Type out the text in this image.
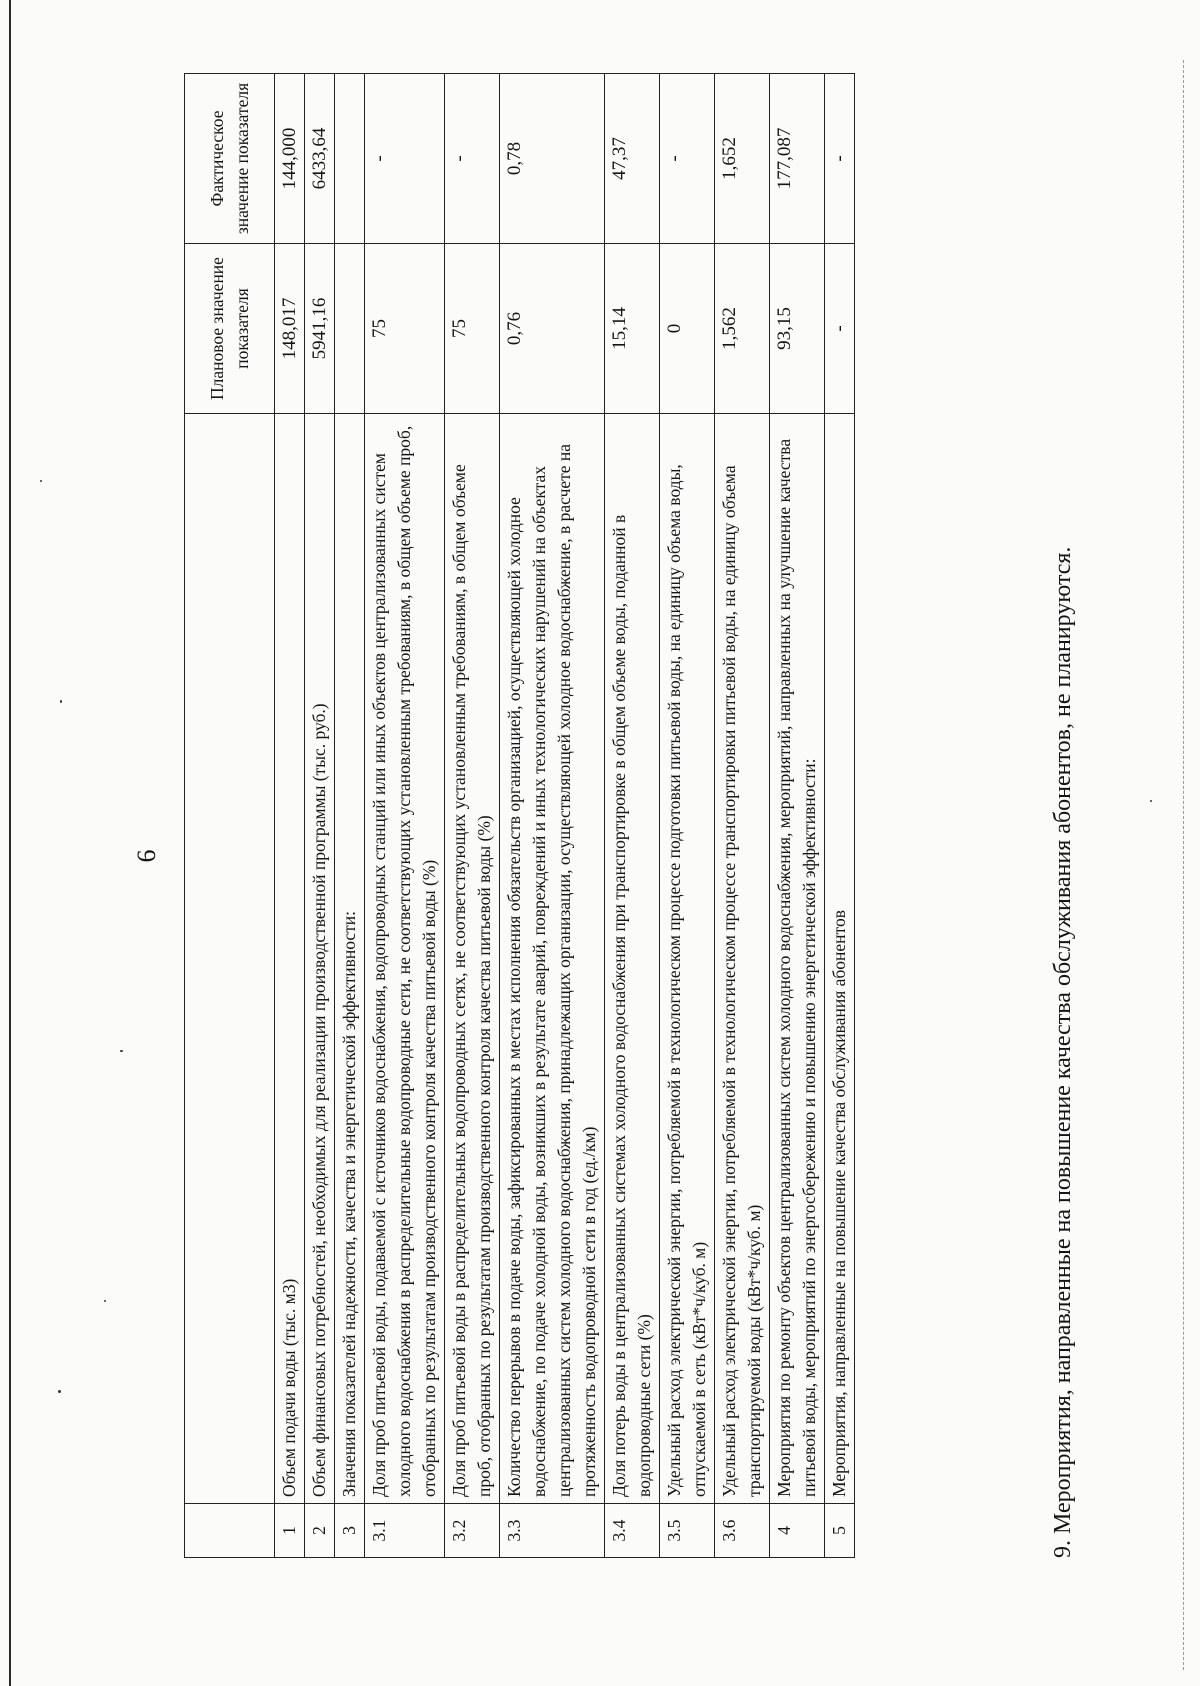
6
		Плановое значение показателя	Фактическое значение показателя
1	Объем подачи воды (тыс. м3)	148,017	144,000
2	Объем финансовых потребностей, необходимых для реализации производственной программы (тыс. руб.)	5941,16	6433,64
3	Значения показателей надежности, качества и энергетической эффективности:		
3.1	Доля проб питьевой воды, подаваемой с источников водоснабжения, водопроводных станций или иных объектов централизованных систем холодного водоснабжения в распределительные водопроводные сети, не соответствующих установленным требованиям, в общем объеме проб, отобранных по результатам производственного контроля качества питьевой воды (%)	75	-
3.2	Доля проб питьевой воды в распределительных водопроводных сетях, не соответствующих установленным требованиям, в общем объеме проб, отобранных по результатам производственного контроля качества питьевой воды (%)	75	-
3.3	Количество перерывов в подаче воды, зафиксированных в местах исполнения обязательств организацией, осуществляющей холодное водоснабжение, по подаче холодной воды, возникших в результате аварий, повреждений и иных технологических нарушений на объектах централизованных систем холодного водоснабжения, принадлежащих организации, осуществляющей холодное водоснабжение, в расчете на протяженность водопроводной сети в год (ед./км)	0,76	0,78
3.4	Доля потерь воды в централизованных системах холодного водоснабжения при транспортировке в общем объеме воды, поданной в водопроводные сети (%)	15,14	47,37
3.5	Удельный расход электрической энергии, потребляемой в технологическом процессе подготовки питьевой воды, на единицу объема воды, отпускаемой в сеть (кВт*ч/куб. м)	0	-
3.6	Удельный расход электрической энергии, потребляемой в технологическом процессе транспортировки питьевой воды, на единицу объема транспортируемой воды (кВт*ч/куб. м)	1,562	1,652
4	Мероприятия по ремонту объектов централизованных систем холодного водоснабжения, мероприятий, направленных на улучшение качества питьевой воды, мероприятий по энергосбережению и повышению энергетической эффективности:	93,15	177,087
5	Мероприятия, направленные на повышение качества обслуживания абонентов	-	-
9. Мероприятия, направленные на повышение качества обслуживания абонентов, не планируются.
